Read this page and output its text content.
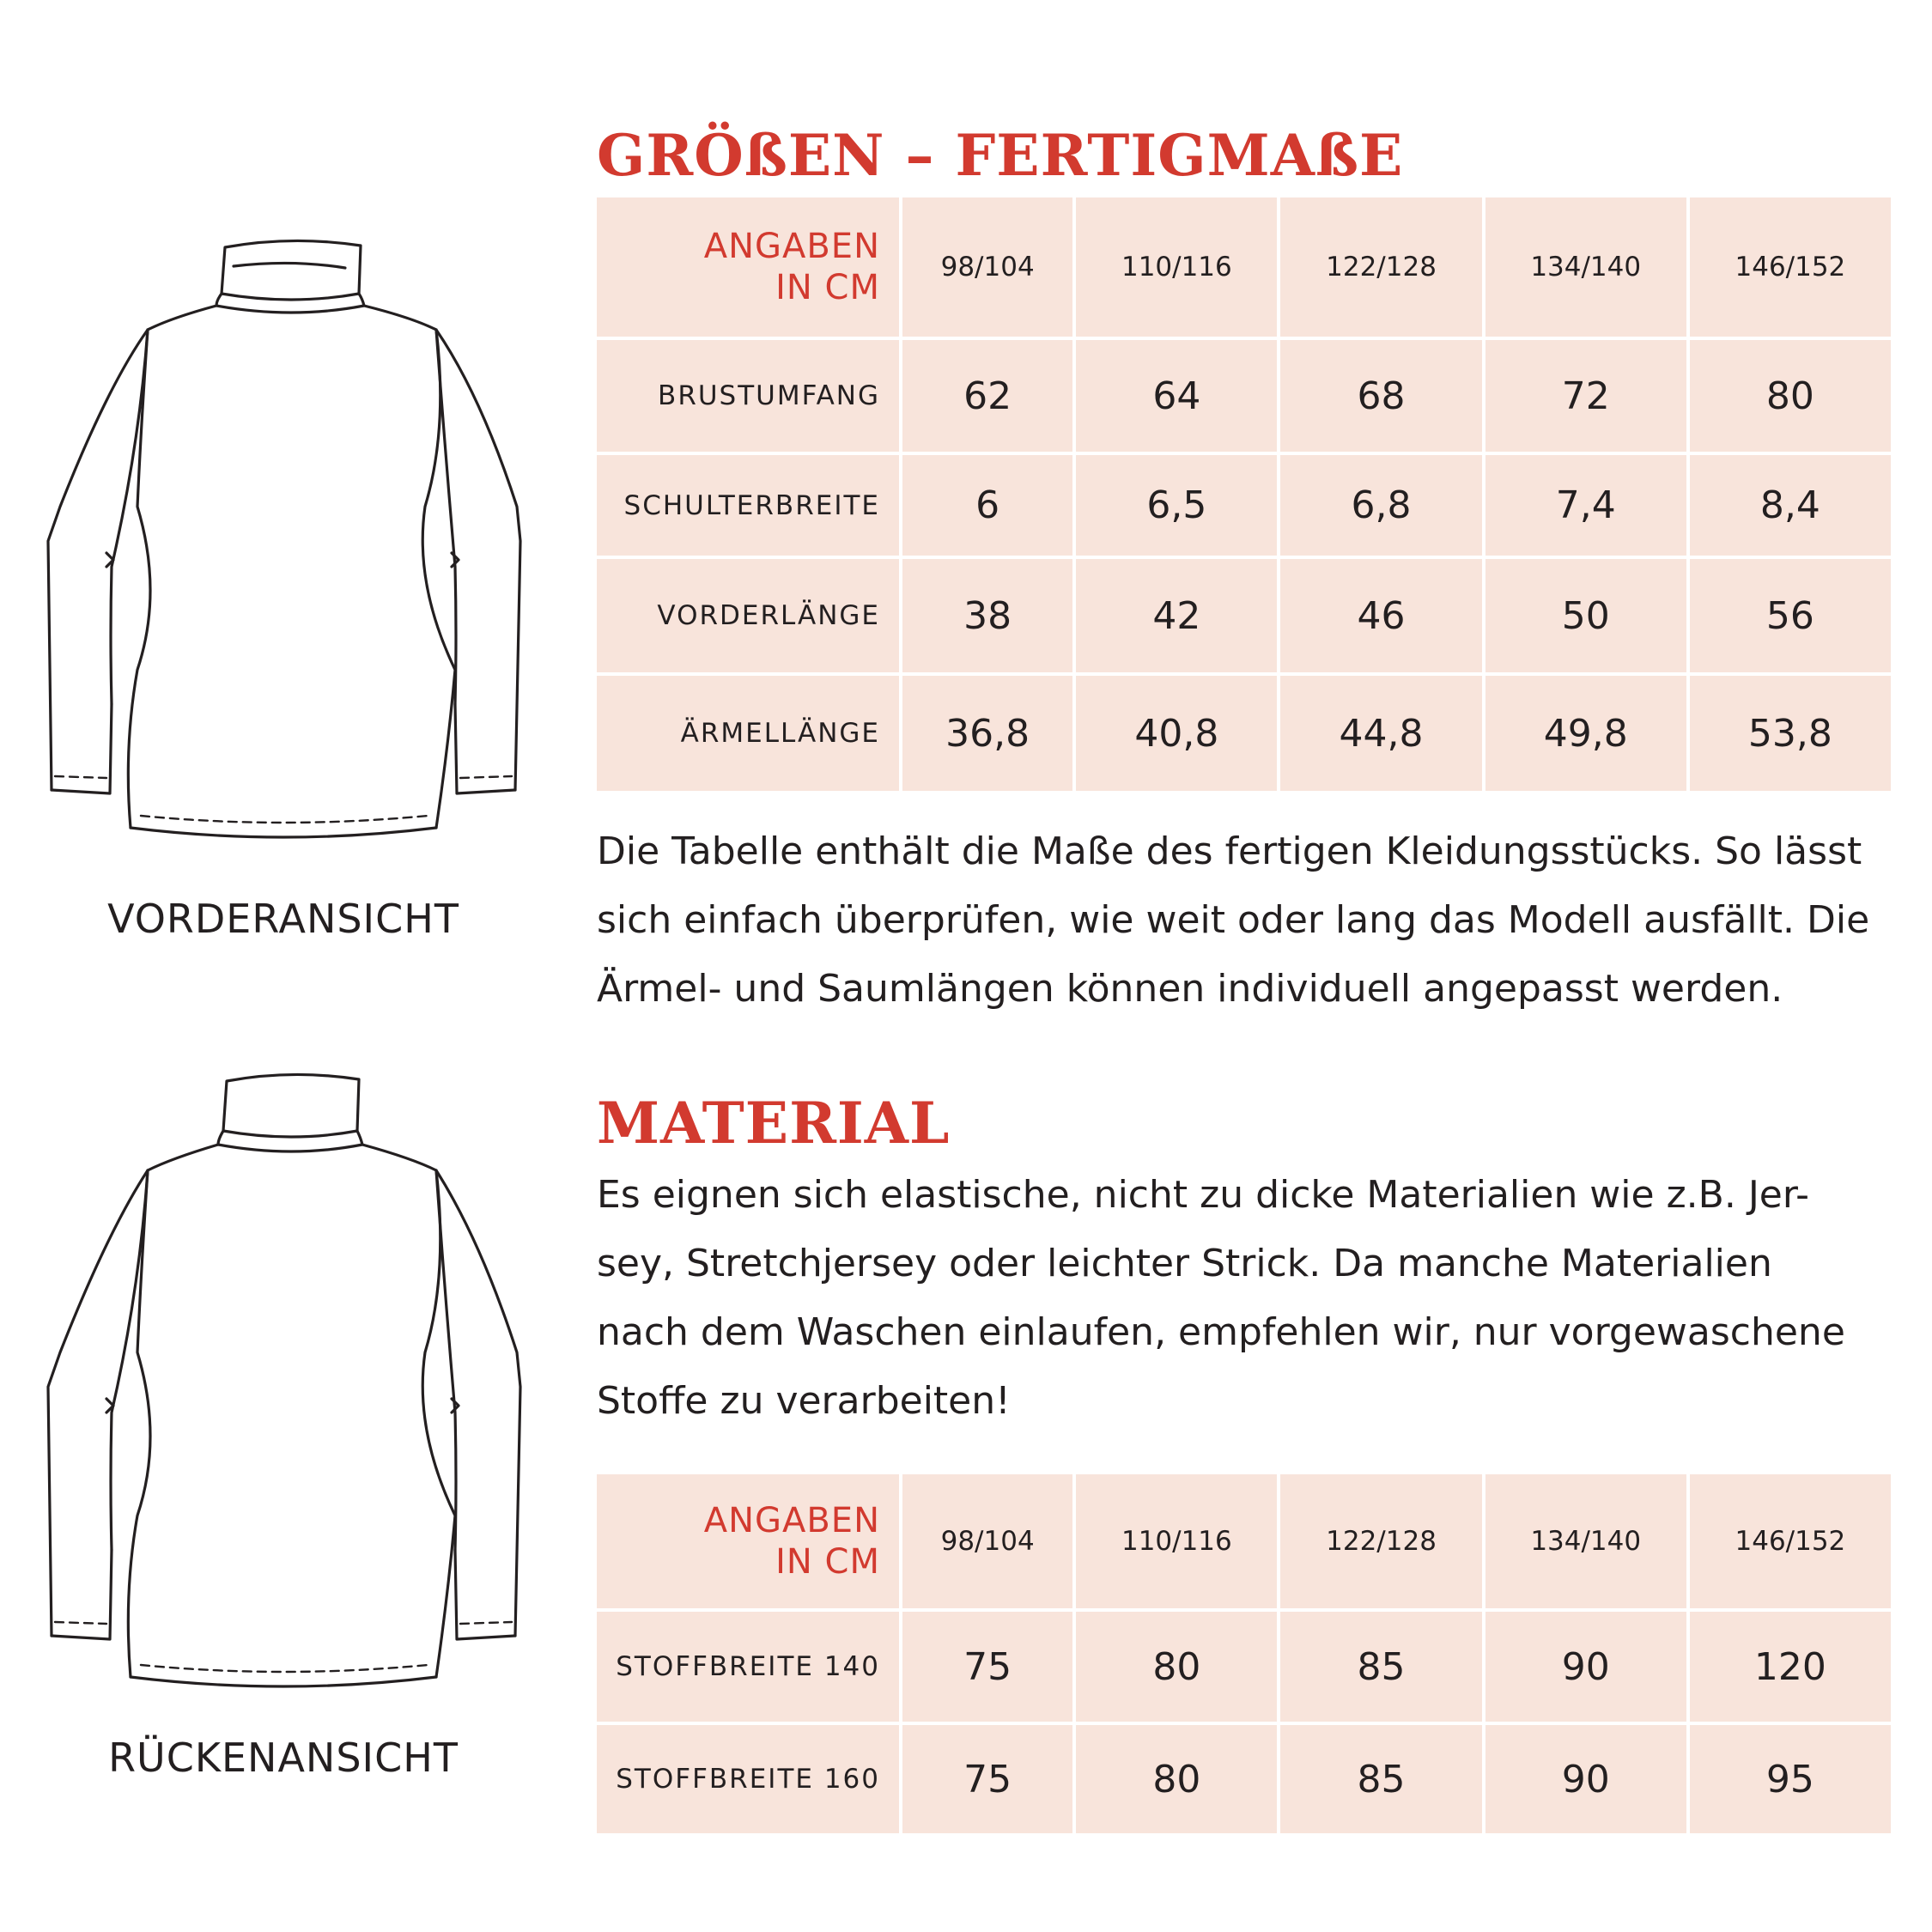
VORDERANSICHT
RÜCKENANSICHT
GRÖßEN – FERTIGMAßE
ANGABEN
IN CM	98/104	110/116	122/128	134/140	146/152
BRUSTUMFANG	62	64	68	72	80
SCHULTERBREITE	6	6,5	6,8	7,4	8,4
VORDERLÄNGE	38	42	46	50	56
ÄRMELLÄNGE	36,8	40,8	44,8	49,8	53,8
Die Tabelle enthält die Maße des fertigen Kleidungsstücks. So lässt
sich einfach überprüfen, wie weit oder lang das Modell ausfällt. Die
Ärmel- und Saumlängen können individuell angepasst werden.
MATERIAL
Es eignen sich elastische, nicht zu dicke Materialien wie z.B. Jer-
sey, Stretchjersey oder leichter Strick. Da manche Materialien
nach dem Waschen einlaufen, empfehlen wir, nur vorgewaschene
Stoffe zu verarbeiten!
ANGABEN
IN CM	98/104	110/116	122/128	134/140	146/152
STOFFBREITE 140	75	80	85	90	120
STOFFBREITE 160	75	80	85	90	95
